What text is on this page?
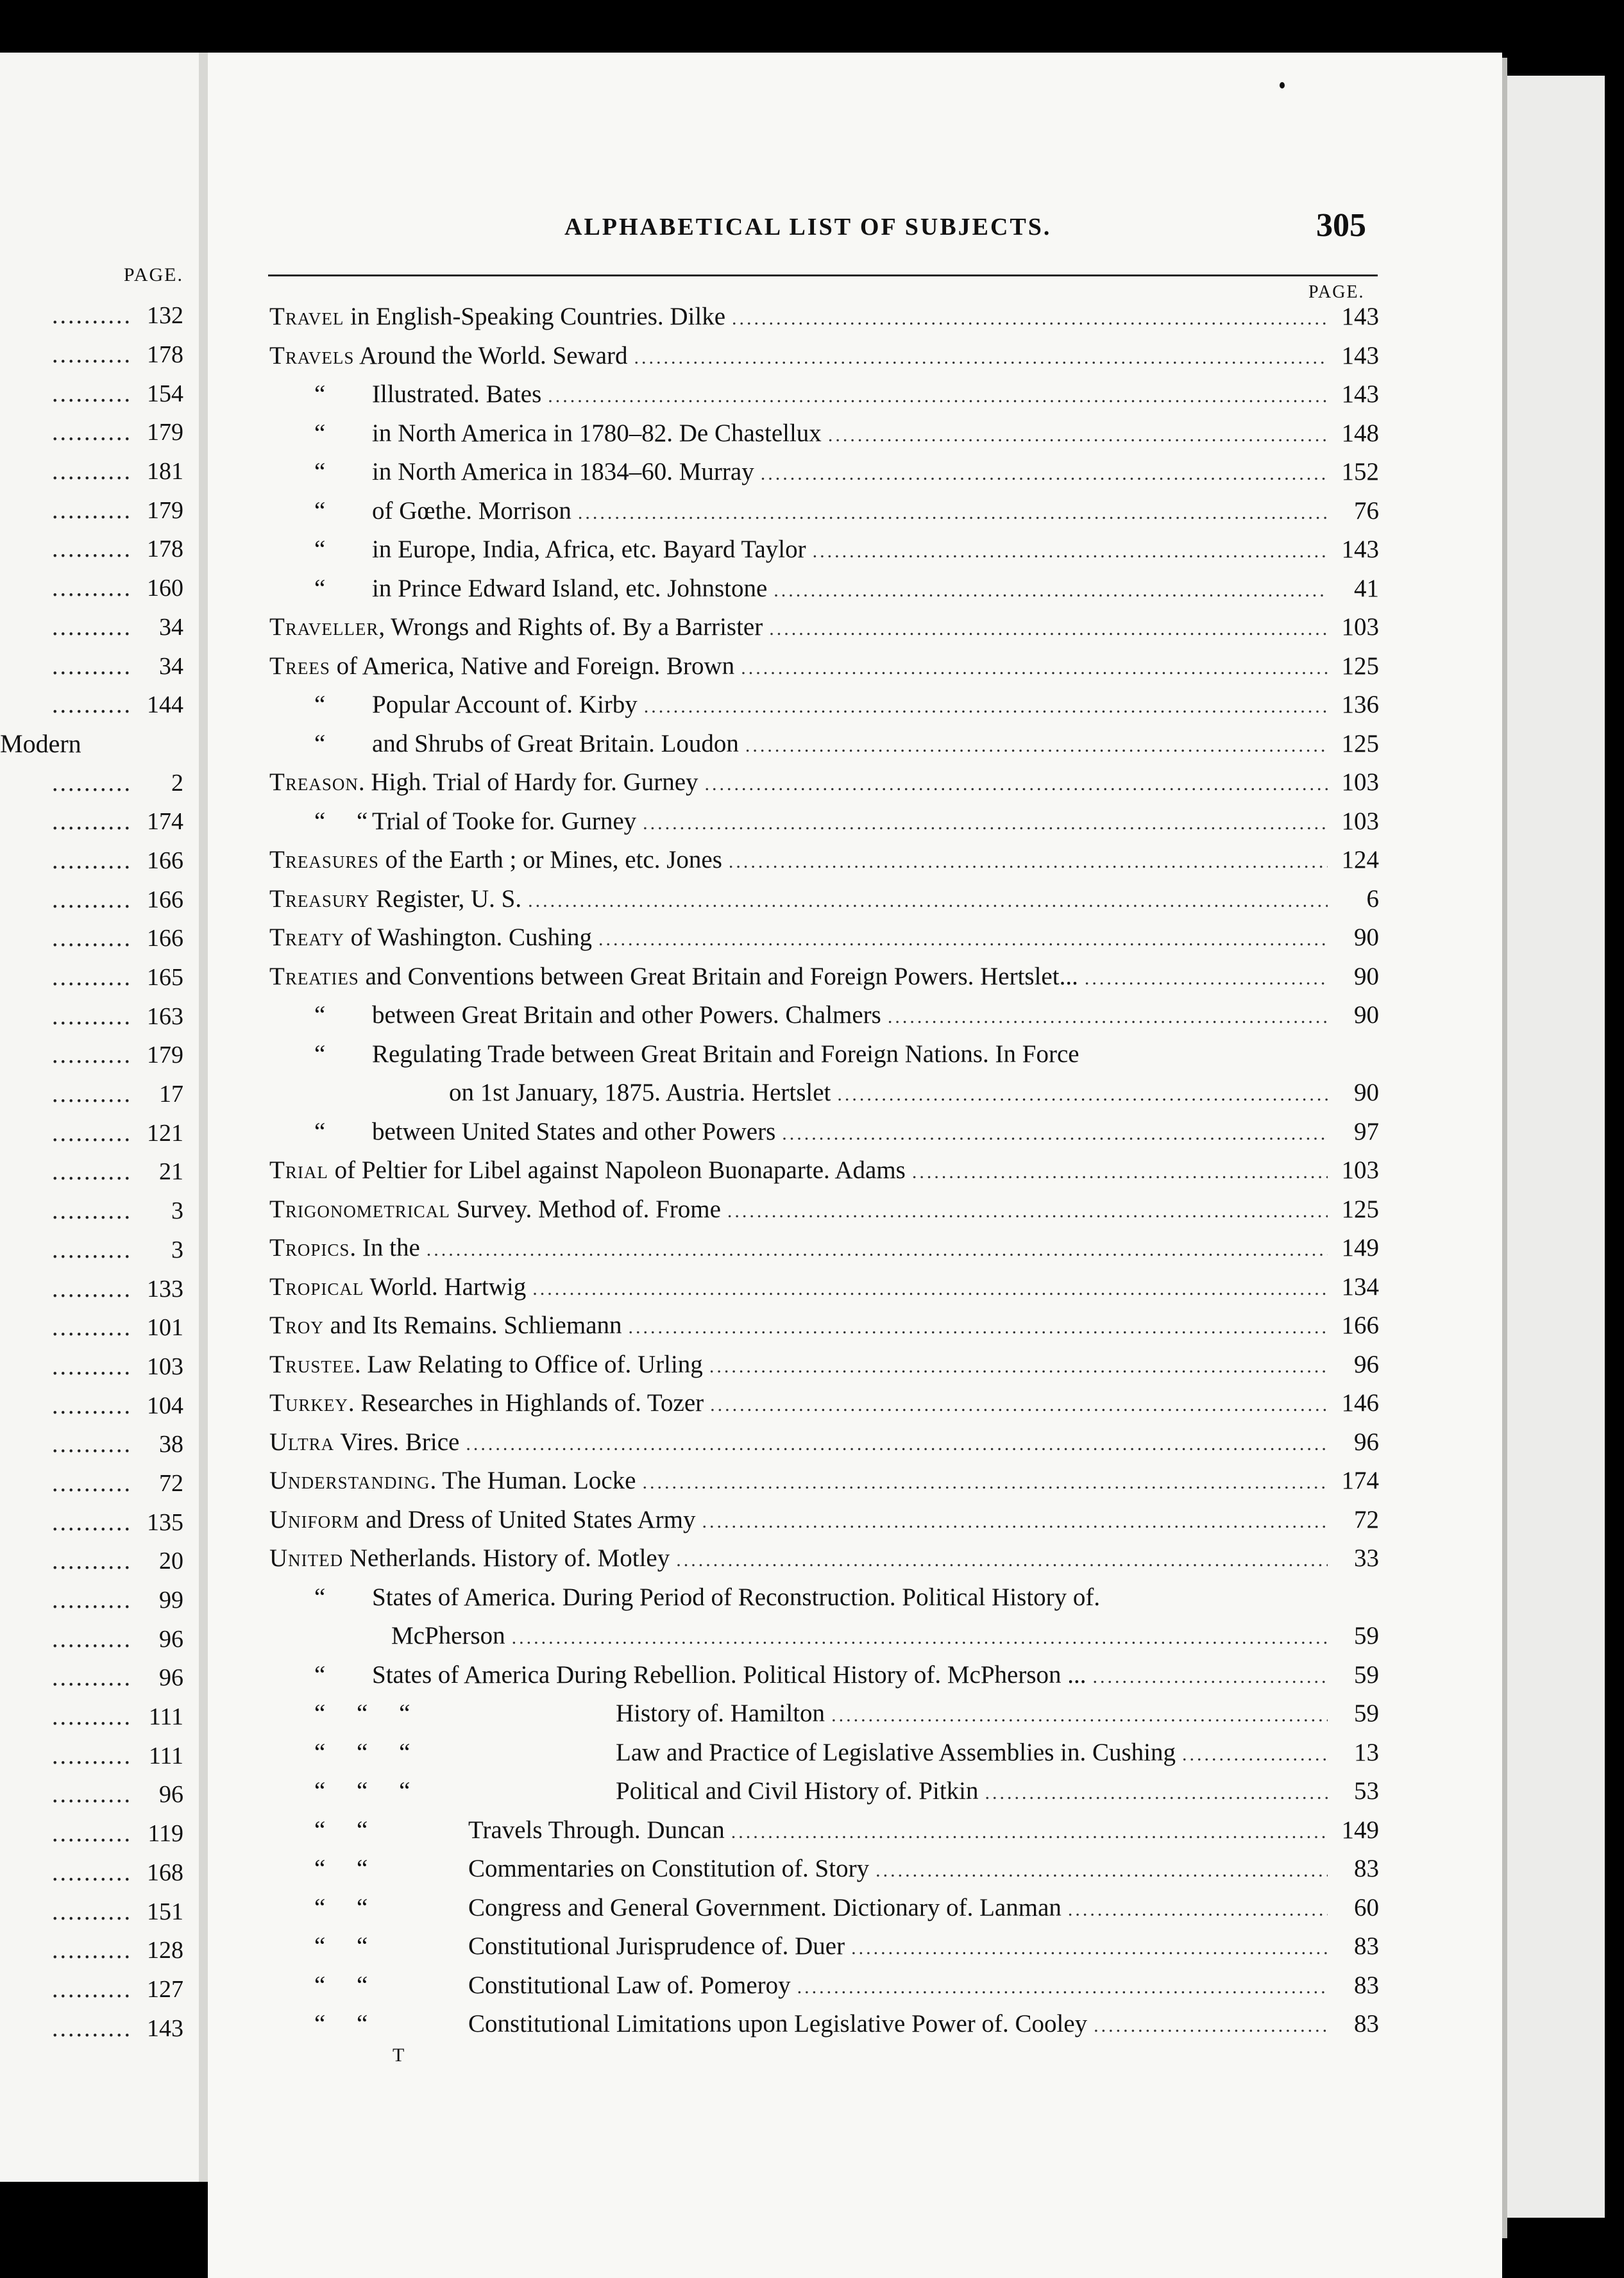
PAGE.
.......... 132
.......... 178
.......... 154
.......... 179
.......... 181
.......... 179
.......... 178
.......... 160
..........	34
..........	34
.......... 144
Modern
..........	2
.......... 174
.......... 166
.......... 166
.......... 166
.......... 165
.......... 163
.......... 179
..........	17
.......... 121
..........	21
..........	3
..........	3
.......... 133
.......... 101
.......... 103
.......... 104
..........	38
..........	72
.......... 135
..........	20
..........	99
..........	96
..........	96
.......... 111
.......... 111
..........	96
.......... 119
.......... 168
.......... 151
.......... 128
.......... 127
.......... 143
ALPHABETICAL LIST OF SUBJECTS.	305
PAGE.
Travel in English-Speaking Countries. Dilke .....	143
Travels Around the World. Seward .....	143
“ Illustrated. Bates .....	143
“ in North America in 1780–82. De Chastellux .....	148
“ in North America in 1834–60. Murray .....	152
“ of Gœthe. Morrison .....	76
“ in Europe, India, Africa, etc. Bayard Taylor .....	143
“ in Prince Edward Island, etc. Johnstone .....	41
Traveller, Wrongs and Rights of. By a Barrister .....	103
Trees of America, Native and Foreign. Brown .....	125
“ Popular Account of. Kirby .....	136
“ and Shrubs of Great Britain. Loudon .....	125
Treason. High. Trial of Hardy for. Gurney .....	103
“     “ Trial of Tooke for. Gurney .....	103
Treasures of the Earth ; or Mines, etc. Jones .....	124
Treasury Register, U. S. .....	6
Treaty of Washington. Cushing .....	90
Treaties and Conventions between Great Britain and Foreign Powers. Hertslet... .....	90
“ between Great Britain and other Powers. Chalmers .....	90
“ Regulating Trade between Great Britain and Foreign Nations. In Force
on 1st January, 1875. Austria. Hertslet .....	90
“ between United States and other Powers .....	97
Trial of Peltier for Libel against Napoleon Buonaparte. Adams .....	103
Trigonometrical Survey. Method of. Frome .....	125
Tropics. In the .....	149
Tropical World. Hartwig .....	134
Troy and Its Remains. Schliemann .....	166
Trustee. Law Relating to Office of. Urling .....	96
Turkey. Researches in Highlands of. Tozer .....	146
Ultra Vires. Brice .....	96
Understanding. The Human. Locke .....	174
Uniform and Dress of United States Army .....	72
United Netherlands. History of. Motley .....	33
“ States of America. During Period of Reconstruction. Political History of.
McPherson .....	59
“ States of America During Rebellion. Political History of. McPherson ... .....	59
“     “     “	History of. Hamilton .....	59
“     “     “	Law and Practice of Legislative Assemblies in. Cushing .....	13
“     “     “	Political and Civil History of. Pitkin .....	53
“     “	Travels Through. Duncan .....	149
“     “	Commentaries on Constitution of. Story .....	83
“     “	Congress and General Government. Dictionary of. Lanman .....	60
“     “	Constitutional Jurisprudence of. Duer .....	83
“     “	Constitutional Law of. Pomeroy .....	83
“     “	Constitutional Limitations upon Legislative Power of. Cooley .....	83
T
